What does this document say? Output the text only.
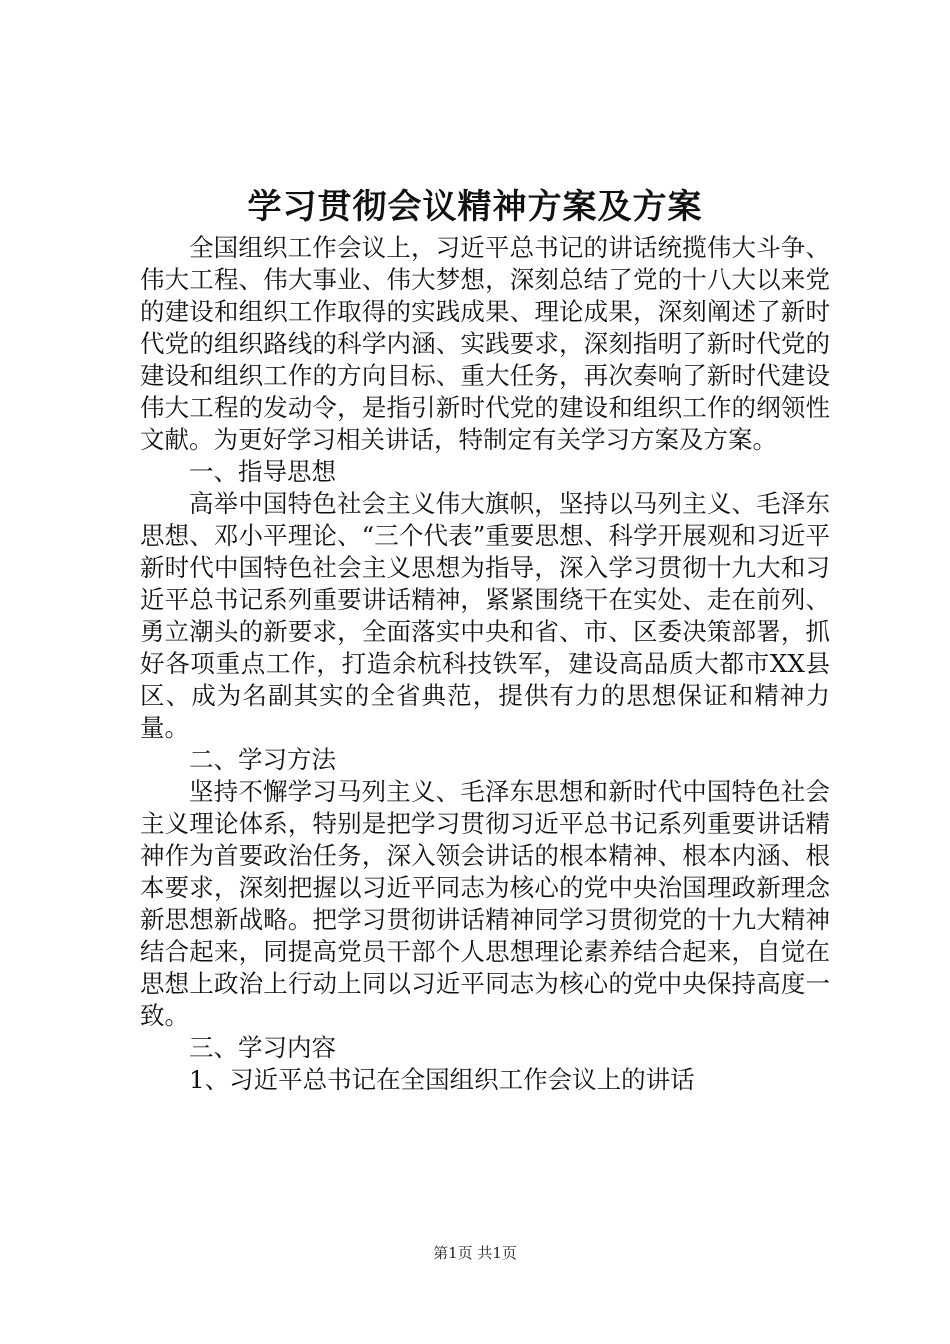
学习贯彻会议精神方案及方案

全国组织工作会议上，习近平总书记的讲话统揽伟大斗争、伟大工程、伟大事业、伟大梦想，深刻总结了党的十八大以来党的建设和组织工作取得的实践成果、理论成果，深刻阐述了新时代党的组织路线的科学内涵、实践要求，深刻指明了新时代党的建设和组织工作的方向目标、重大任务，再次奏响了新时代建设伟大工程的发动令，是指引新时代党的建设和组织工作的纲领性文献。为更好学习相关讲话，特制定有关学习方案及方案。

一、指导思想

高举中国特色社会主义伟大旗帜，坚持以马列主义、毛泽东思想、邓小平理论、“三个代表”重要思想、科学开展观和习近平新时代中国特色社会主义思想为指导，深入学习贯彻十九大和习近平总书记系列重要讲话精神，紧紧围绕干在实处、走在前列、勇立潮头的新要求，全面落实中央和省、市、区委决策部署，抓好各项重点工作，打造余杭科技铁军，建设高品质大都市XX县区、成为名副其实的全省典范，提供有力的思想保证和精神力量。

二、学习方法

坚持不懈学习马列主义、毛泽东思想和新时代中国特色社会主义理论体系，特别是把学习贯彻习近平总书记系列重要讲话精神作为首要政治任务，深入领会讲话的根本精神、根本内涵、根本要求，深刻把握以习近平同志为核心的党中央治国理政新理念新思想新战略。把学习贯彻讲话精神同学习贯彻党的十九大精神结合起来，同提高党员干部个人思想理论素养结合起来，自觉在思想上政治上行动上同以习近平同志为核心的党中央保持高度一致。

三、学习内容

1、习近平总书记在全国组织工作会议上的讲话

第1页 共1页
